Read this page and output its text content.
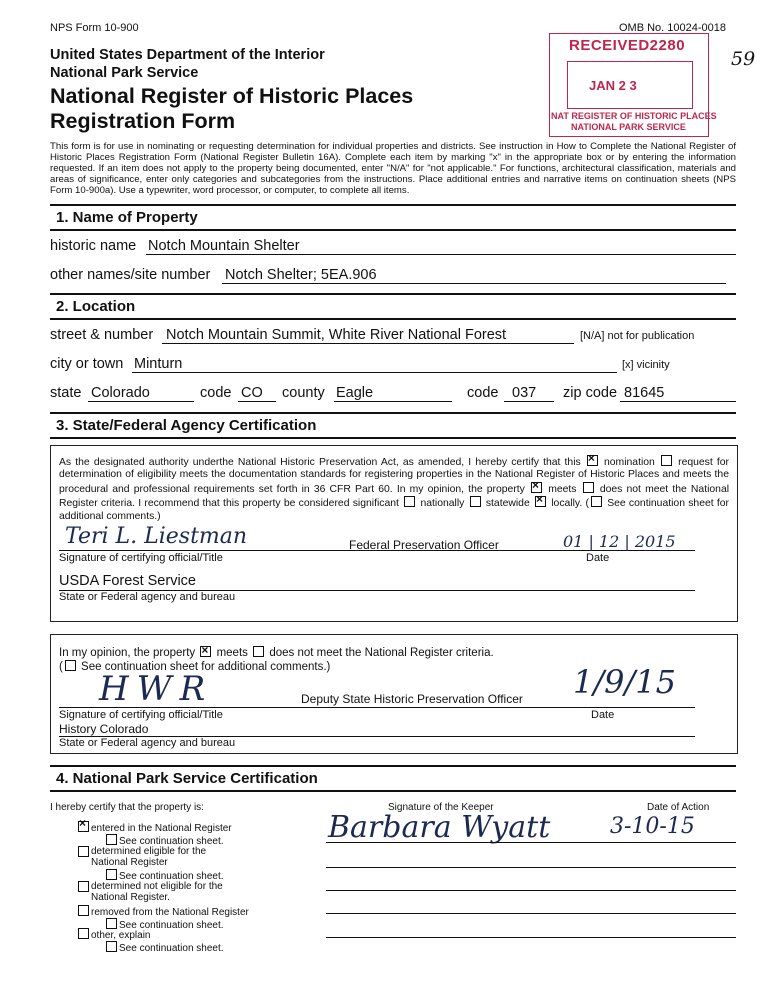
NPS Form 10-900	OMB No. 10024-0018
United States Department of the Interior
National Park Service
National Register of Historic Places
Registration Form
59
RECEIVED2280
JAN 2 3
NAT REGISTER OF HISTORIC PLACES
NATIONAL PARK SERVICE
This form is for use in nominating or requesting determination for individual properties and districts. See instruction in How to Complete the National Register of Historic Places Registration Form (National Register Bulletin 16A). Complete each item by marking "x" in the appropriate box or by entering the information requested. If an item does not apply to the property being documented, enter "N/A" for "not applicable." For functions, architectural classification, materials and areas of significance, enter only categories and subcategories from the instructions. Place additional entries and narrative items on continuation sheets (NPS Form 10-900a). Use a typewriter, word processor, or computer, to complete all items.
1. Name of Property
historic name Notch Mountain Shelter
other names/site number Notch Shelter; 5EA.906
2. Location
street & number Notch Mountain Summit, White River National Forest	[N/A] not for publication
city or town Minturn	[x] vicinity
state Colorado	code CO county Eagle	code 037 zip code 81645
3. State/Federal Agency Certification
As the designated authority underthe National Historic Preservation Act, as amended, I hereby certify that this × nomination request for determination of eligibility meets the documentation standards for registering properties in the National Register of Historic Places and meets the procedural and professional requirements set forth in 36 CFR Part 60. In my opinion, the property × meets does not meet the National Register criteria. I recommend that this property be considered significant nationally statewide × locally. ( See continuation sheet for additional comments.)
Teri L. Liestman
Signature of certifying official/Title
Federal Preservation Officer	01 | 12 | 2015
Date
USDA Forest Service
State or Federal agency and bureau
In my opinion, the property × meets does not meet the National Register criteria.
( See continuation sheet for additional comments.)
HWR	Deputy State Historic Preservation Officer
Signature of certifying official/Title
1/9/15
Date
History Colorado
State or Federal agency and bureau
4. National Park Service Certification
I hereby certify that the property is:	Signature of the Keeper	Date of Action
Barbara Wyatt	3-10-15
×entered in the National Register
See continuation sheet.
determined eligible for the National Register
See continuation sheet.
determined not eligible for the National Register.
removed from the National Register
See continuation sheet.
other, explain
See continuation sheet.
